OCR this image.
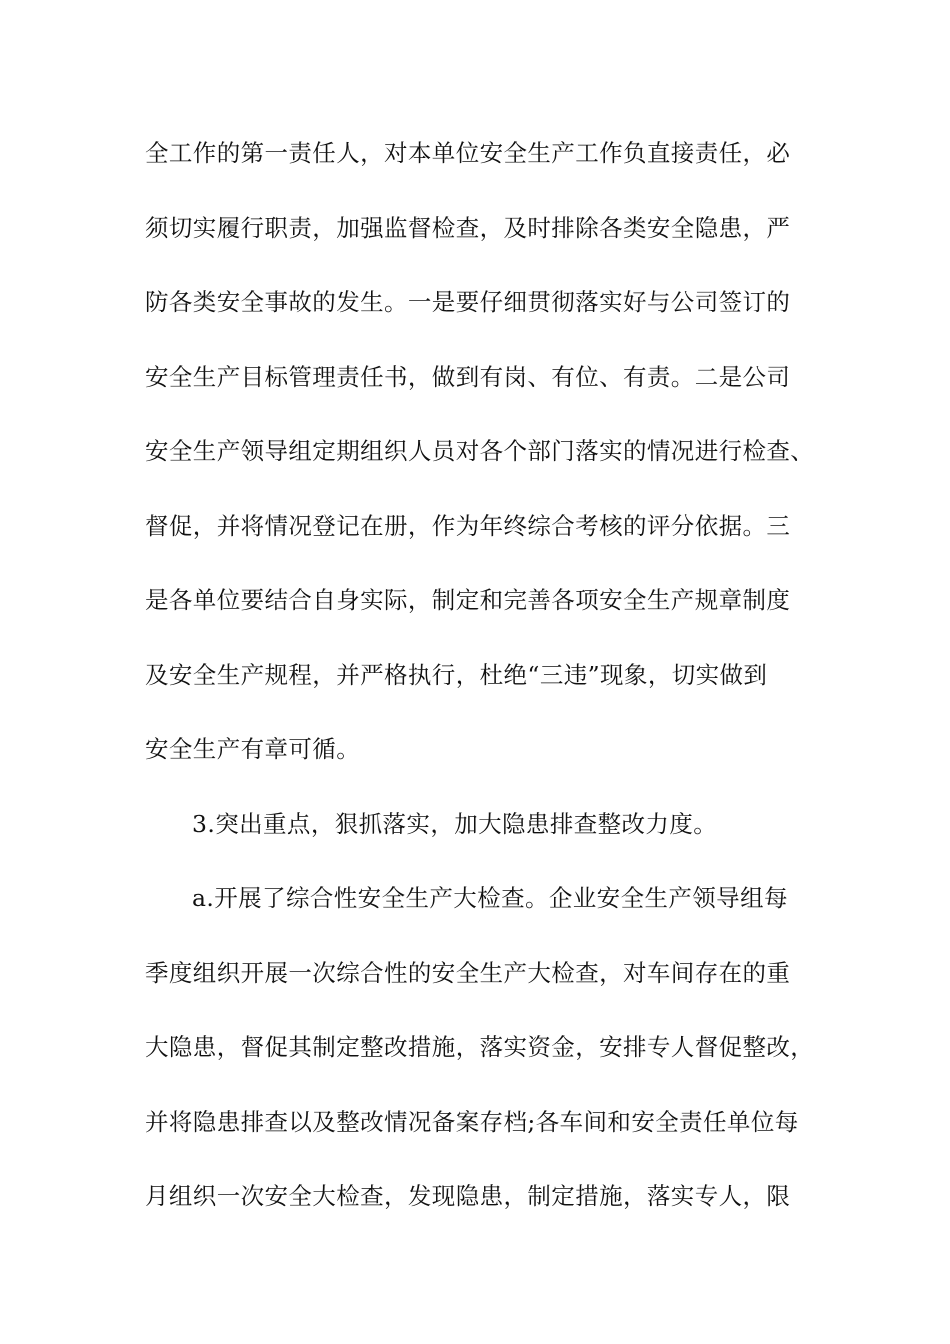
全工作的第一责任人，对本单位安全生产工作负直接责任，必
须切实履行职责，加强监督检查，及时排除各类安全隐患，严
防各类安全事故的发生。一是要仔细贯彻落实好与公司签订的
安全生产目标管理责任书，做到有岗、有位、有责。二是公司
安全生产领导组定期组织人员对各个部门落实的情况进行检查、
督促，并将情况登记在册，作为年终综合考核的评分依据。三
是各单位要结合自身实际，制定和完善各项安全生产规章制度
及安全生产规程，并严格执行，杜绝“三违”现象，切实做到
安全生产有章可循。
3.突出重点，狠抓落实，加大隐患排查整改力度。
a.开展了综合性安全生产大检查。企业安全生产领导组每
季度组织开展一次综合性的安全生产大检查，对车间存在的重
大隐患，督促其制定整改措施，落实资金，安排专人督促整改，
并将隐患排查以及整改情况备案存档;各车间和安全责任单位每
月组织一次安全大检查，发现隐患，制定措施，落实专人，限
